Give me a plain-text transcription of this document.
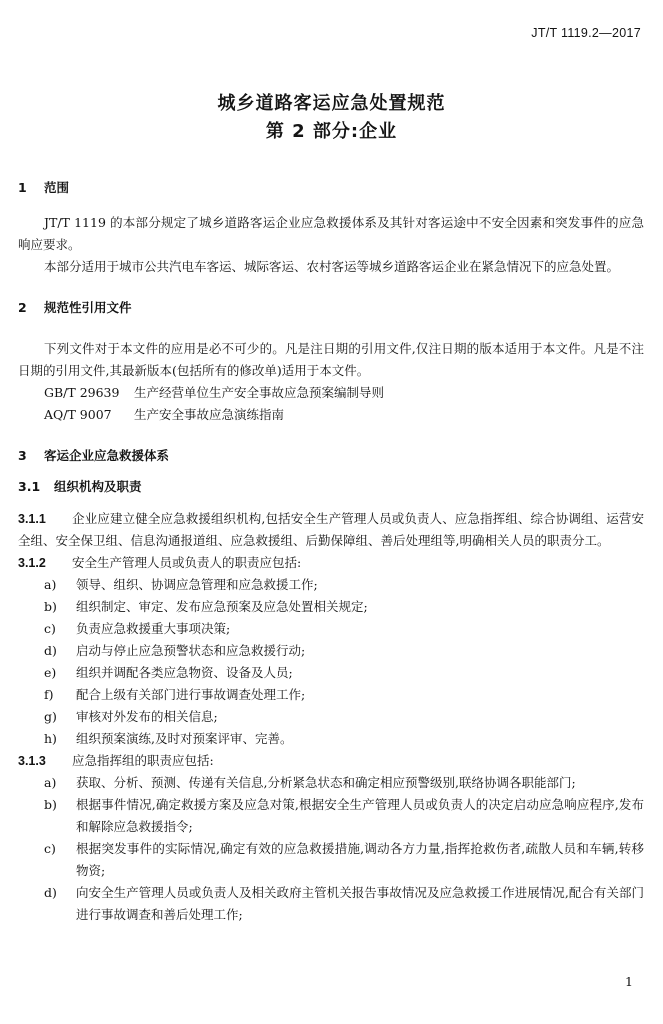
JT/T 1119.2—2017
城乡道路客运应急处置规范
第 2 部分:企业
1 范围

JT/T 1119 的本部分规定了城乡道路客运企业应急救援体系及其针对客运途中不安全因素和突发事件的应急响应要求。

本部分适用于城市公共汽电车客运、城际客运、农村客运等城乡道路客运企业在紧急情况下的应急处置。

2 规范性引用文件

下列文件对于本文件的应用是必不可少的。凡是注日期的引用文件,仅注日期的版本适用于本文件。凡是不注日期的引用文件,其最新版本(包括所有的修改单)适用于本文件。

GB/T 29639 生产经营单位生产安全事故应急预案编制导则
AQ/T 9007 生产安全事故应急演练指南
3 客运企业应急救援体系
3.1 组织机构及职责
3.1.1 企业应建立健全应急救援组织机构,包括安全生产管理人员或负责人、应急指挥组、综合协调组、运营安全组、安全保卫组、信息沟通报道组、应急救援组、后勤保障组、善后处理组等,明确相关人员的职责分工。
3.1.2 安全生产管理人员或负责人的职责应包括:
a) 领导、组织、协调应急管理和应急救援工作;
b) 组织制定、审定、发布应急预案及应急处置相关规定;
c) 负责应急救援重大事项决策;
d) 启动与停止应急预警状态和应急救援行动;
e) 组织并调配各类应急物资、设备及人员;
f) 配合上级有关部门进行事故调查处理工作;
g) 审核对外发布的相关信息;
h) 组织预案演练,及时对预案评审、完善。
3.1.3 应急指挥组的职责应包括:
a) 获取、分析、预测、传递有关信息,分析紧急状态和确定相应预警级别,联络协调各职能部门;
b) 根据事件情况,确定救援方案及应急对策,根据安全生产管理人员或负责人的决定启动应急响应程序,发布和解除应急救援指令;
c) 根据突发事件的实际情况,确定有效的应急救援措施,调动各方力量,指挥抢救伤者,疏散人员和车辆,转移物资;
d) 向安全生产管理人员或负责人及相关政府主管机关报告事故情况及应急救援工作进展情况,配合有关部门进行事故调查和善后处理工作;
1
